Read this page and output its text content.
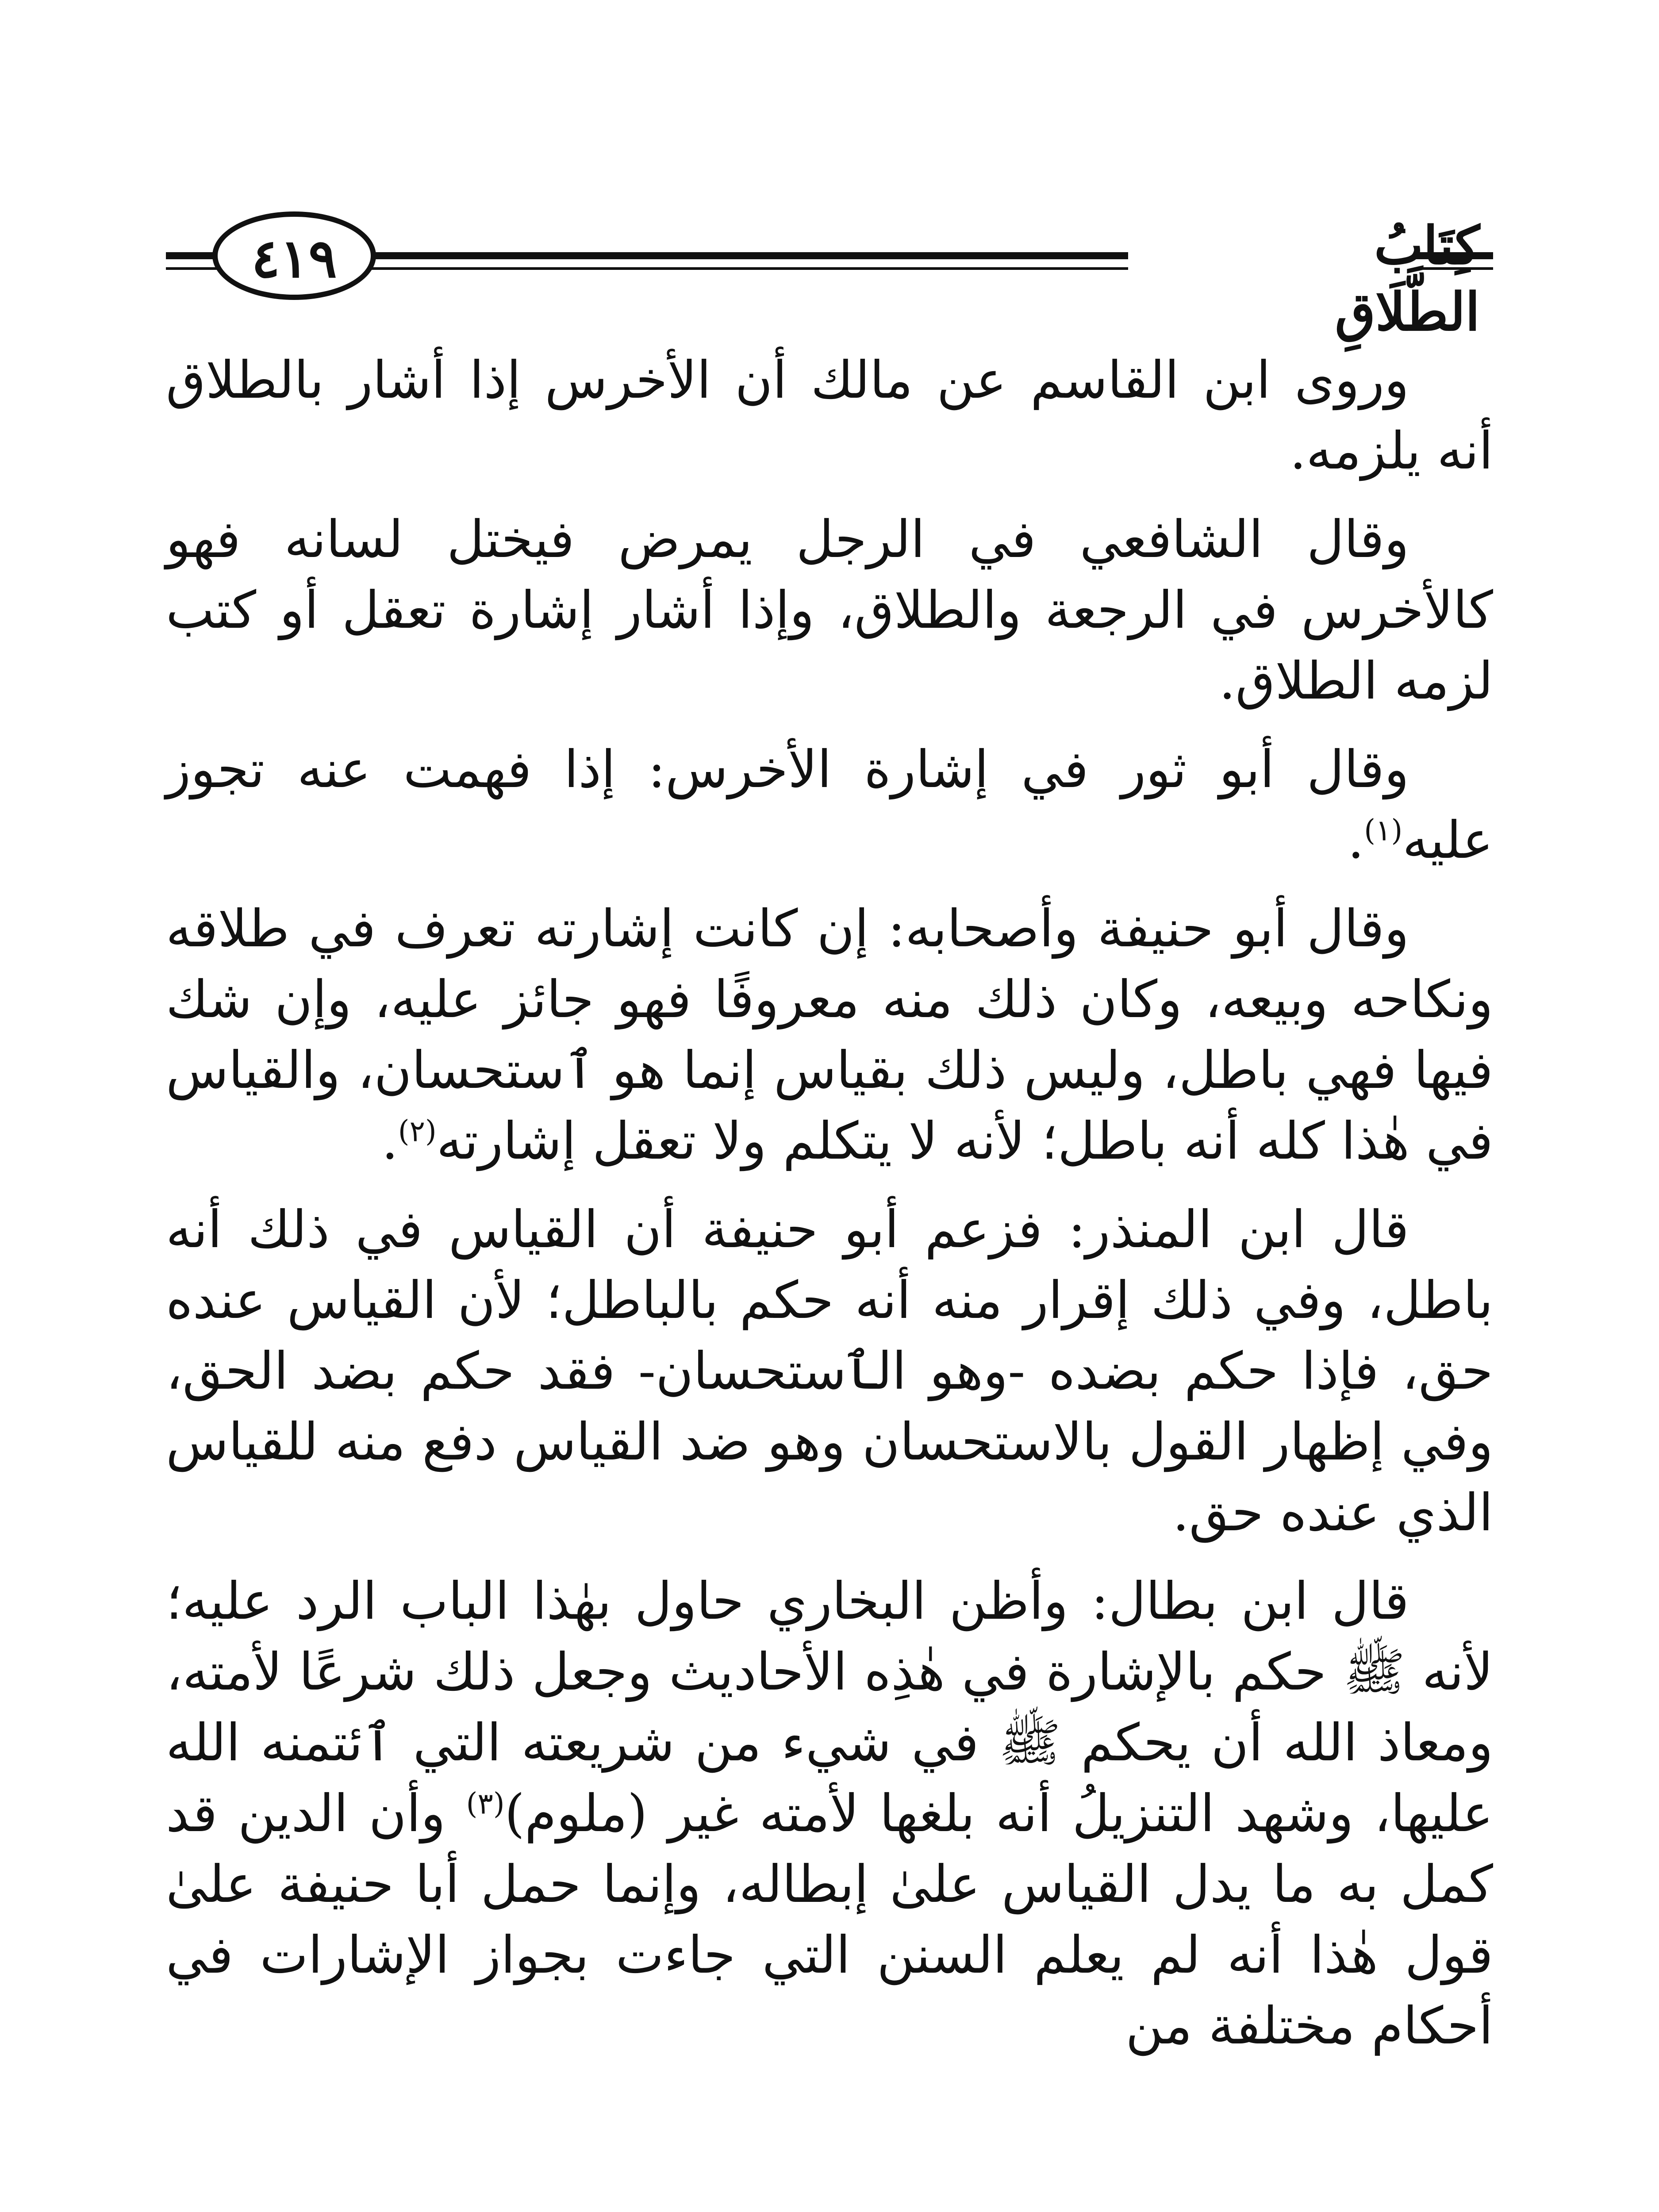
كِتَابُ الطَّلَاقِ
٤١٩

وروى ابن القاسم عن مالك أن الأخرس إذا أشار بالطلاق أنه يلزمه.

وقال الشافعي في الرجل يمرض فيختل لسانه فهو كالأخرس في الرجعة والطلاق، وإذا أشار إشارة تعقل أو كتب لزمه الطلاق.

وقال أبو ثور في إشارة الأخرس: إذا فهمت عنه تجوز عليه$^{(١)}$.

وقال أبو حنيفة وأصحابه: إن كانت إشارته تعرف في طلاقه ونكاحه وبيعه، وكان ذلك منه معروفًا فهو جائز عليه، وإن شك فيها فهي باطل، وليس ذلك بقياس إنما هو ٱستحسان، والقياس في هٰذا كله أنه باطل؛ لأنه لا يتكلم ولا تعقل إشارته$^{(٢)}$.

قال ابن المنذر: فزعم أبو حنيفة أن القياس في ذلك أنه باطل، وفي ذلك إقرار منه أنه حكم بالباطل؛ لأن القياس عنده حق، فإذا حكم بضده -وهو الٱستحسان- فقد حكم بضد الحق، وفي إظهار القول بالاستحسان وهو ضد القياس دفع منه للقياس الذي عنده حق.

قال ابن بطال: وأظن البخاري حاول بهٰذا الباب الرد عليه؛ لأنه ﷺ حكم بالإشارة في هٰذِه الأحاديث وجعل ذلك شرعًا لأمته، ومعاذ الله أن يحكم ﷺ في شيء من شريعته التي ٱئتمنه الله عليها، وشهد التنزيلُ أنه بلغها لأمته غير (ملوم)$^{(٣)}$ وأن الدين قد كمل به ما يدل القياس علىٰ إبطاله، وإنما حمل أبا حنيفة علىٰ قول هٰذا أنه لم يعلم السنن التي جاءت بجواز الإشارات في أحكام مختلفة من
